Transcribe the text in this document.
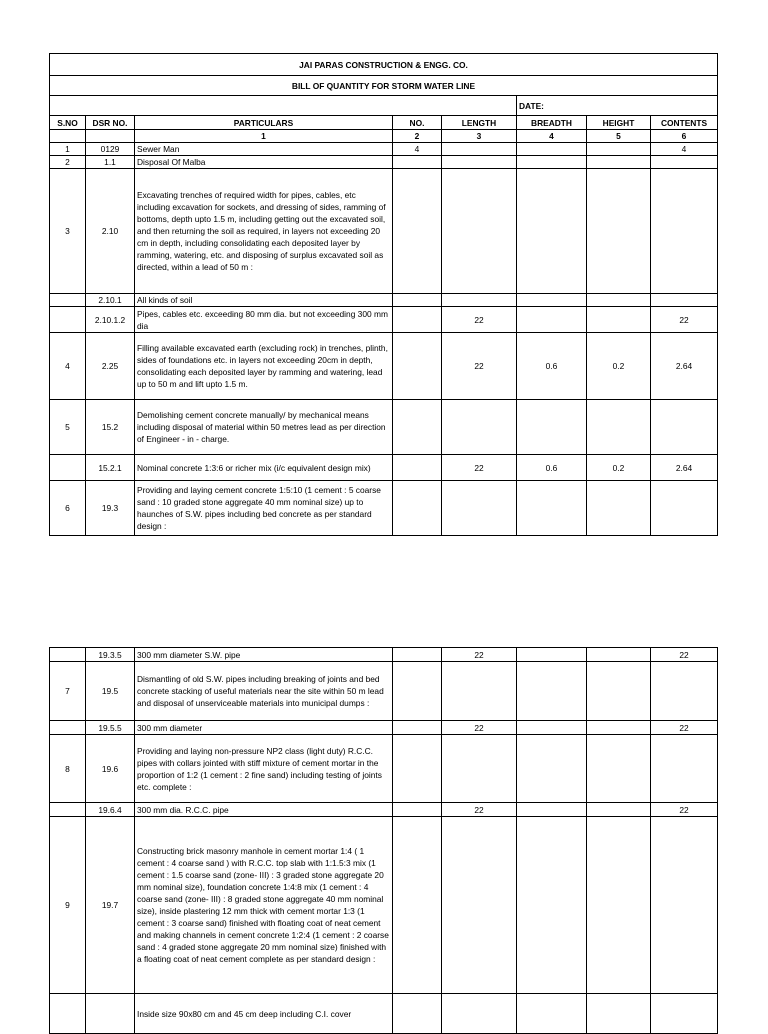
JAI PARAS CONSTRUCTION & ENGG. CO.							
BILL OF QUANTITY FOR STORM WATER LINE							
					DATE:		
S.NO	DSR NO.	PARTICULARS	NO.	LENGTH	BREADTH	HEIGHT	CONTENTS
		1	2	3	4	5	6
1	0129	Sewer Man	4				4
2	1.1	Disposal Of Malba					
3	2.10	Excavating trenches of required width for pipes, cables, etc including excavation for sockets, and dressing of sides, ramming of bottoms, depth upto 1.5 m, including getting out the excavated soil, and then returning the soil as required, in layers not exceeding 20 cm in depth, including consolidating each deposited layer by ramming, watering, etc. and disposing of surplus excavated soil as directed, within a lead of 50 m :					
	2.10.1	All kinds of soil					
	2.10.1.2	Pipes, cables etc. exceeding 80 mm dia. but not exceeding 300 mm dia		22			22
4	2.25	Filling available excavated earth (excluding rock) in trenches, plinth, sides of foundations etc. in layers not exceeding 20cm in depth, consolidating each deposited layer by ramming and watering, lead up to 50 m and lift upto 1.5 m.		22	0.6	0.2	2.64
5	15.2	Demolishing cement concrete manually/ by mechanical means including disposal of material within 50 metres lead as per direction of Engineer - in - charge.					
	15.2.1	Nominal concrete 1:3:6 or richer mix (i/c equivalent design mix)		22	0.6	0.2	2.64
6	19.3	Providing and laying cement concrete 1:5:10 (1 cement : 5 coarse sand : 10 graded stone aggregate 40 mm nominal size) up to haunches of S.W. pipes including bed concrete as per standard design :					
	19.3.5	300 mm diameter S.W. pipe		22			22
7	19.5	Dismantling of old S.W. pipes including breaking of joints and bed concrete stacking of useful materials near the site within 50 m lead and disposal of unserviceable materials into municipal dumps :					
	19.5.5	300 mm diameter		22			22
8	19.6	Providing and laying non-pressure NP2 class (light duty) R.C.C. pipes with collars jointed with stiff mixture of cement mortar in the proportion of 1:2 (1 cement : 2 fine sand) including testing of joints etc. complete :					
	19.6.4	300 mm dia. R.C.C. pipe		22			22
9	19.7	Constructing brick masonry manhole in cement mortar 1:4 ( 1 cement : 4 coarse sand ) with R.C.C. top slab with 1:1.5:3 mix (1 cement : 1.5 coarse sand (zone- III) : 3 graded stone aggregate 20 mm nominal size), foundation concrete 1:4:8 mix (1 cement : 4 coarse sand (zone- III) : 8 graded stone aggregate 40 mm nominal size), inside plastering 12 mm thick with cement mortar 1:3 (1 cement : 3 coarse sand) finished with floating coat of neat cement and making channels in cement concrete 1:2:4 (1 cement : 2 coarse sand : 4 graded stone aggregate 20 mm nominal size) finished with a floating coat of neat cement complete as per standard design :					
		Inside size 90x80 cm and 45 cm deep including C.I. cover					
